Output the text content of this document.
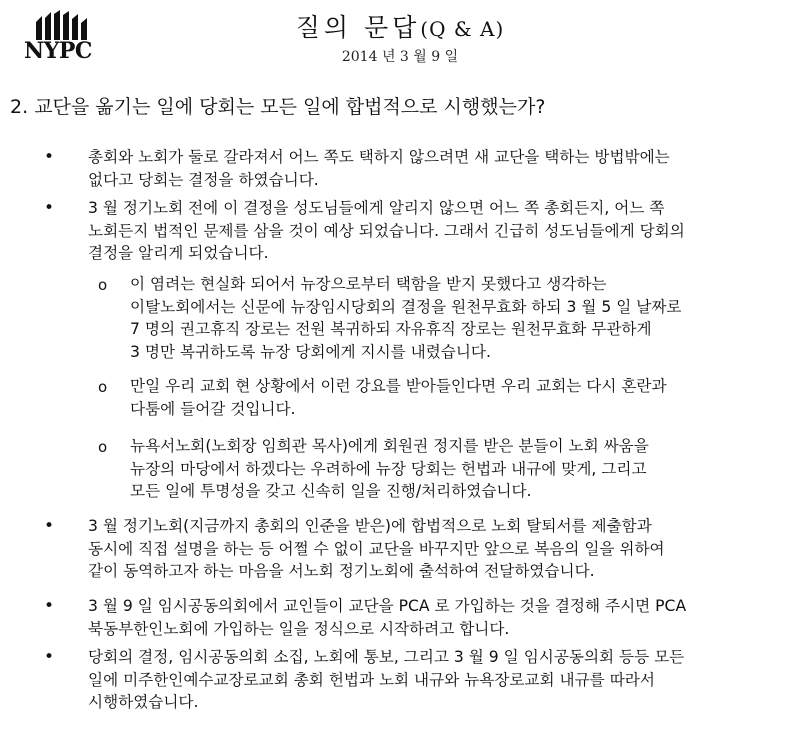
NYPC
질의 문답(Q & A)
2014 년 3 월 9 일
2. 교단을 옮기는 일에 당회는 모든 일에 합법적으로 시행했는가?
• 총회와 노회가 둘로 갈라져서 어느 쪽도 택하지 않으려면 새 교단을 택하는 방법밖에는
없다고 당회는 결정을 하였습니다.
• 3 월 정기노회 전에 이 결정을 성도님들에게 알리지 않으면 어느 쪽 총회든지, 어느 쪽
노회든지 법적인 문제를 삼을 것이 예상 되었습니다. 그래서 긴급히 성도님들에게 당회의
결정을 알리게 되었습니다.
o 이 염려는 현실화 되어서 뉴장으로부터 택함을 받지 못했다고 생각하는
이탈노회에서는 신문에 뉴장임시당회의 결정을 원천무효화 하되 3 월 5 일 날짜로
7 명의 권고휴직 장로는 전원 복귀하되 자유휴직 장로는 원천무효화 무관하게
3 명만 복귀하도록 뉴장 당회에게 지시를 내렸습니다.
o 만일 우리 교회 현 상황에서 이런 강요를 받아들인다면 우리 교회는 다시 혼란과
다툼에 들어갈 것입니다.
o 뉴욕서노회(노회장 임희관 목사)에게 회원권 정지를 받은 분들이 노회 싸움을
뉴장의 마당에서 하겠다는 우려하에 뉴장 당회는 헌법과 내규에 맞게, 그리고
모든 일에 투명성을 갖고 신속히 일을 진행/처리하였습니다.
• 3 월 정기노회(지금까지 총회의 인준을 받은)에 합법적으로 노회 탈퇴서를 제출함과
동시에 직접 설명을 하는 등 어쩔 수 없이 교단을 바꾸지만 앞으로 복음의 일을 위하여
같이 동역하고자 하는 마음을 서노회 정기노회에 출석하여 전달하였습니다.
• 3 월 9 일 임시공동의회에서 교인들이 교단을 PCA 로 가입하는 것을 결정해 주시면 PCA
북동부한인노회에 가입하는 일을 정식으로 시작하려고 합니다.
• 당회의 결정, 임시공동의회 소집, 노회에 통보, 그리고 3 월 9 일 임시공동의회 등등 모든
일에 미주한인예수교장로교회 총회 헌법과 노회 내규와 뉴욕장로교회 내규를 따라서
시행하였습니다.
